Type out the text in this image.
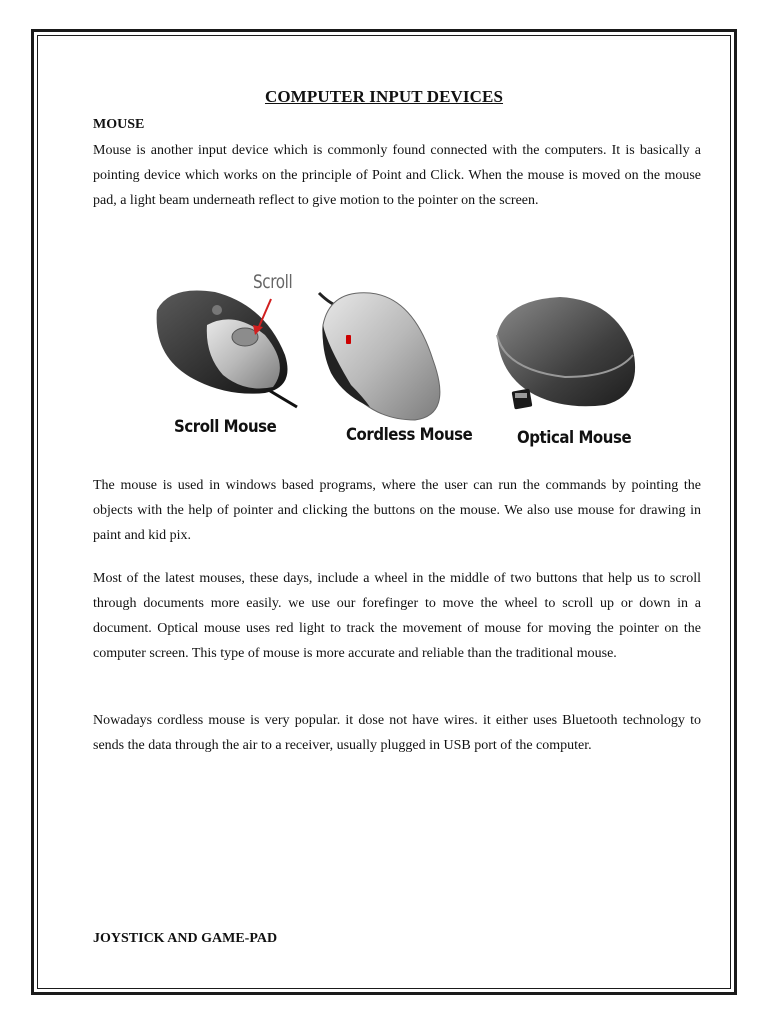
COMPUTER INPUT DEVICES
MOUSE

Mouse is another input device which is commonly found connected with the computers. It is basically a pointing device which works on the principle of Point and Click. When the mouse is moved on the mouse pad, a light beam underneath reflect to give motion to the pointer on the screen.

Scroll
Scroll Mouse	Cordless Mouse	Optical Mouse

The mouse is used in windows based programs, where the user can run the commands by pointing the objects with the help of pointer and clicking the buttons on the mouse. We also use mouse for drawing in paint and kid pix.

Most of the latest mouses, these days, include a wheel in the middle of two buttons that help us to scroll through documents more easily. we use our forefinger to move the wheel to scroll up or down in a document. Optical mouse uses red light to track the movement of mouse for moving the pointer on the computer screen. This type of mouse is more accurate and reliable than the traditional mouse.

Nowadays cordless mouse is very popular. it dose not have wires. it either uses Bluetooth technology to sends the data through the air to a receiver, usually plugged in USB port of the computer.

JOYSTICK AND GAME-PAD
